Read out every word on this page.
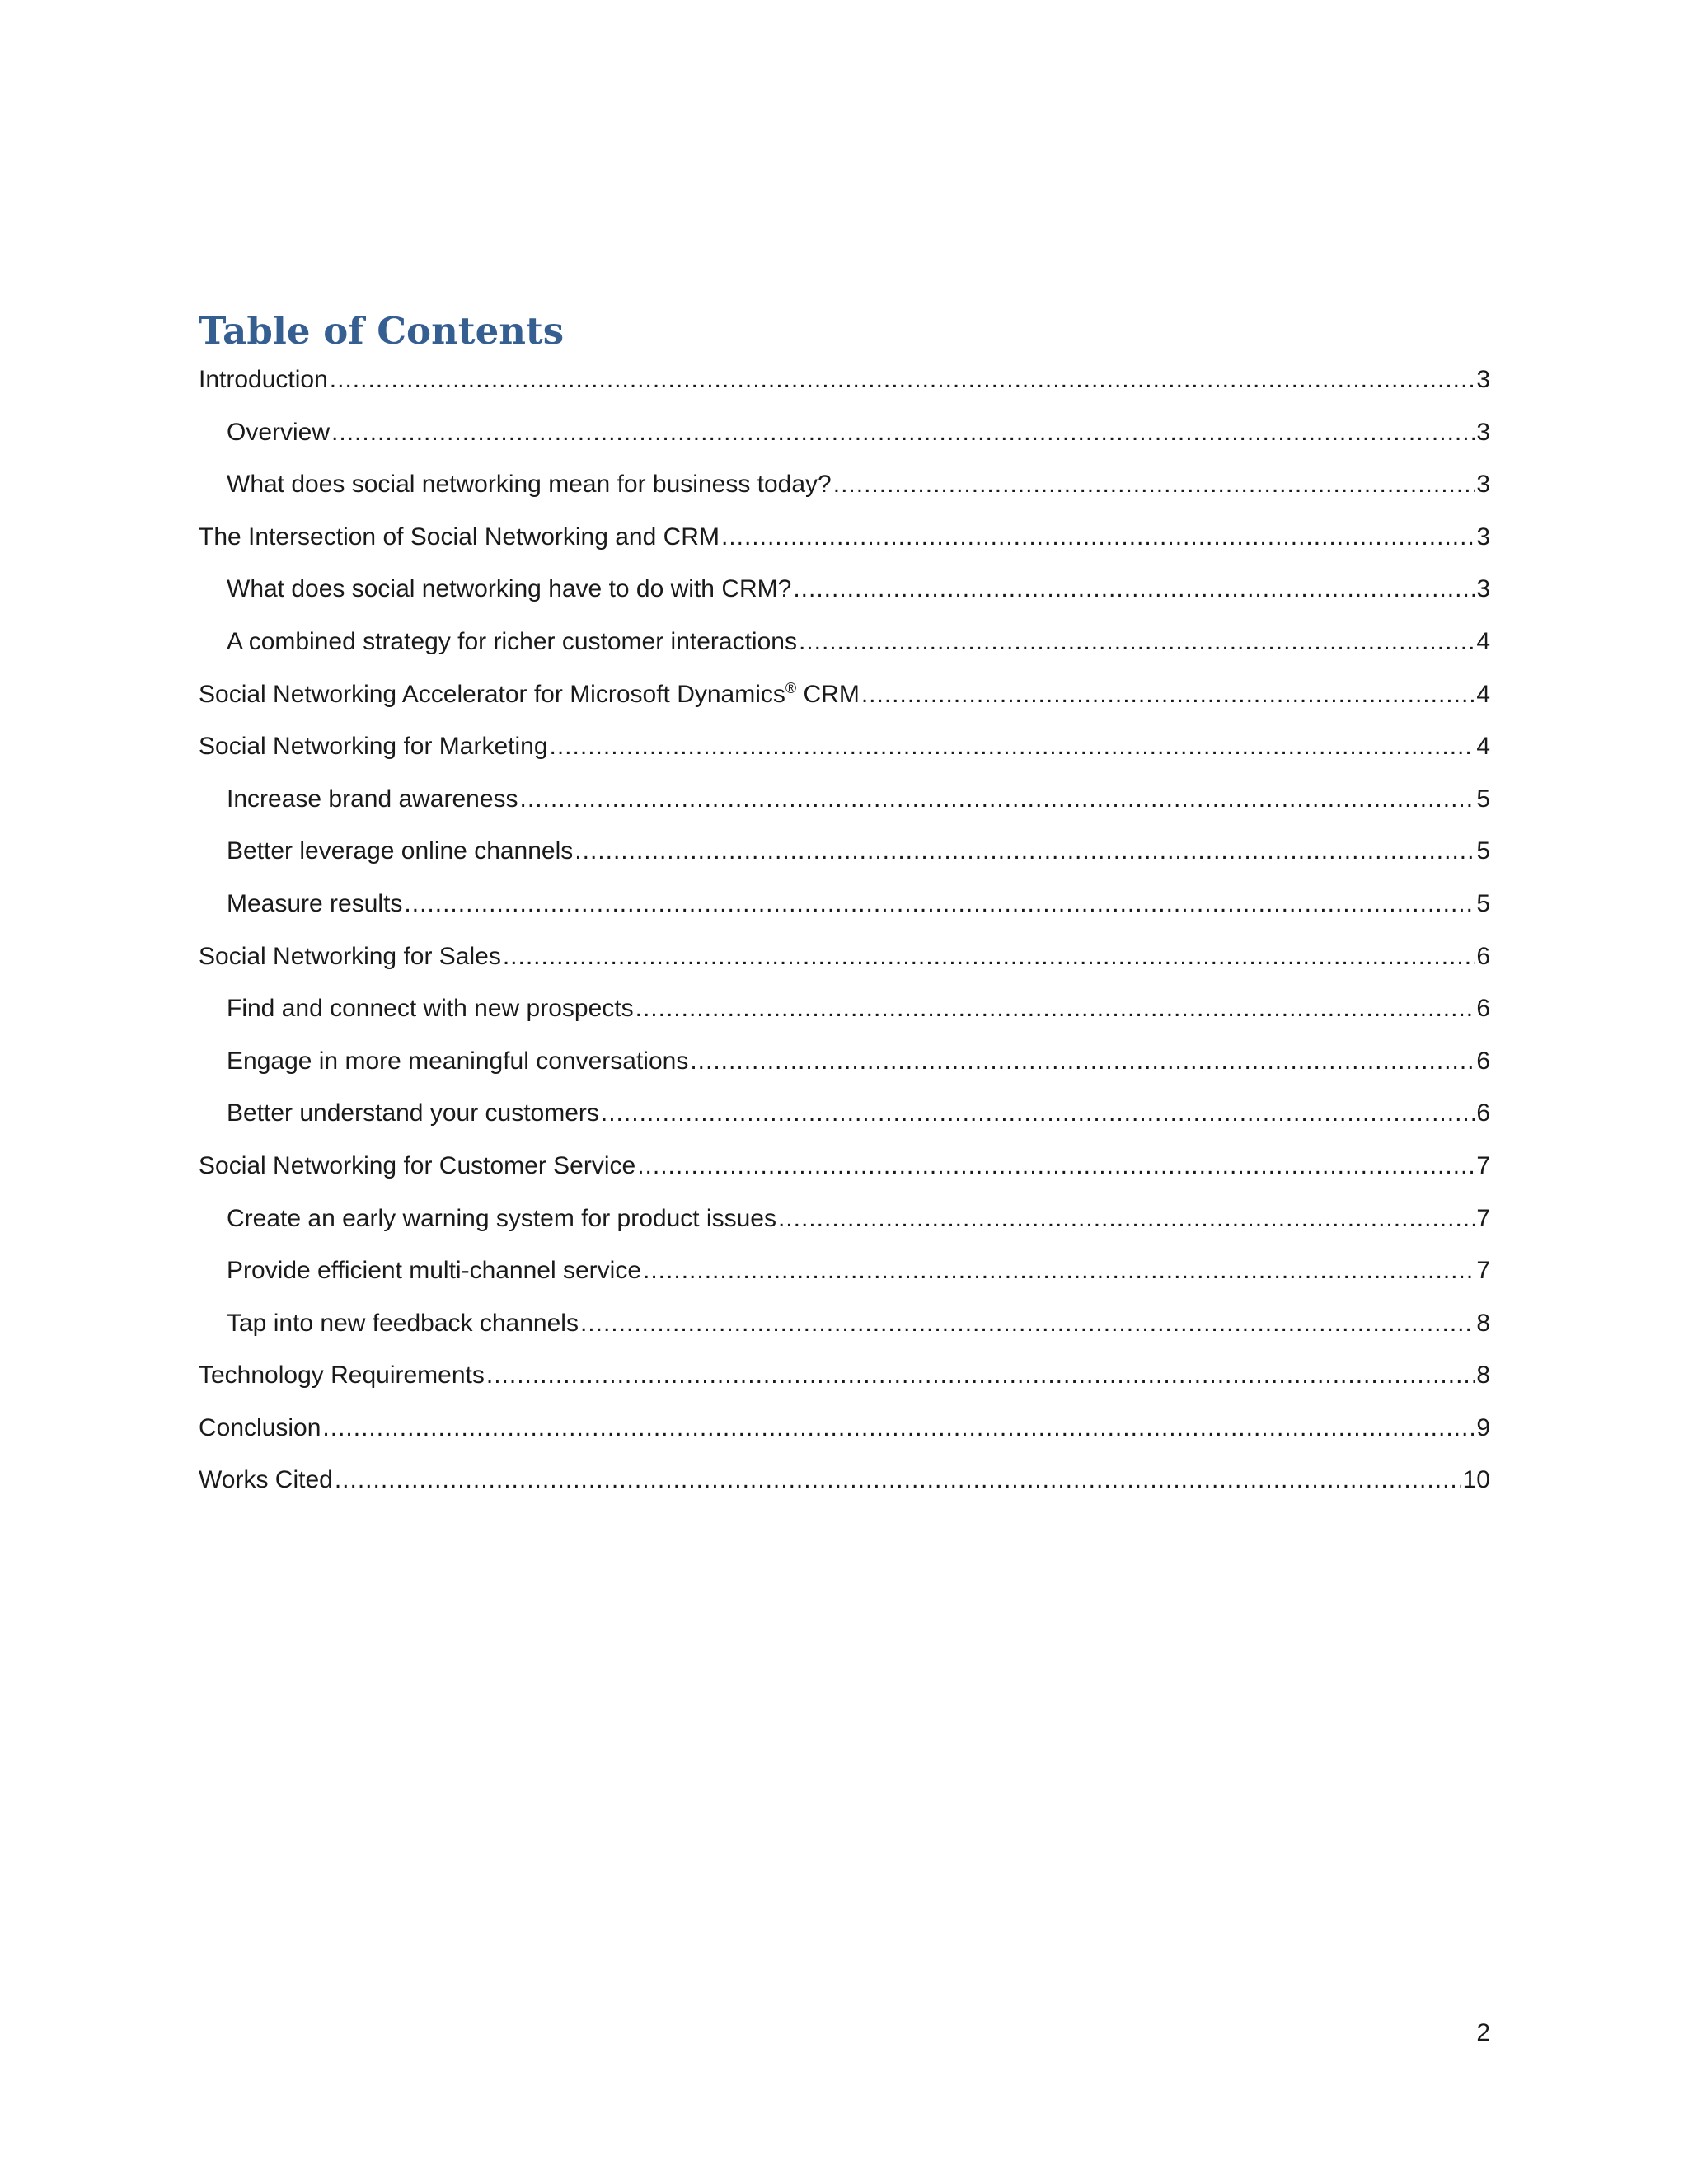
Table of Contents
Introduction .....	3
Overview .....	3
What does social networking mean for business today? .....	3
The Intersection of Social Networking and CRM .....	3
What does social networking have to do with CRM? .....	3
A combined strategy for richer customer interactions .....	4
Social Networking Accelerator for Microsoft Dynamics® CRM .....	4
Social Networking for Marketing .....	4
Increase brand awareness .....	5
Better leverage online channels .....	5
Measure results .....	5
Social Networking for Sales .....	6
Find and connect with new prospects .....	6
Engage in more meaningful conversations .....	6
Better understand your customers .....	6
Social Networking for Customer Service .....	7
Create an early warning system for product issues .....	7
Provide efficient multi-channel service .....	7
Tap into new feedback channels .....	8
Technology Requirements .....	8
Conclusion .....	9
Works Cited .....	10
2
